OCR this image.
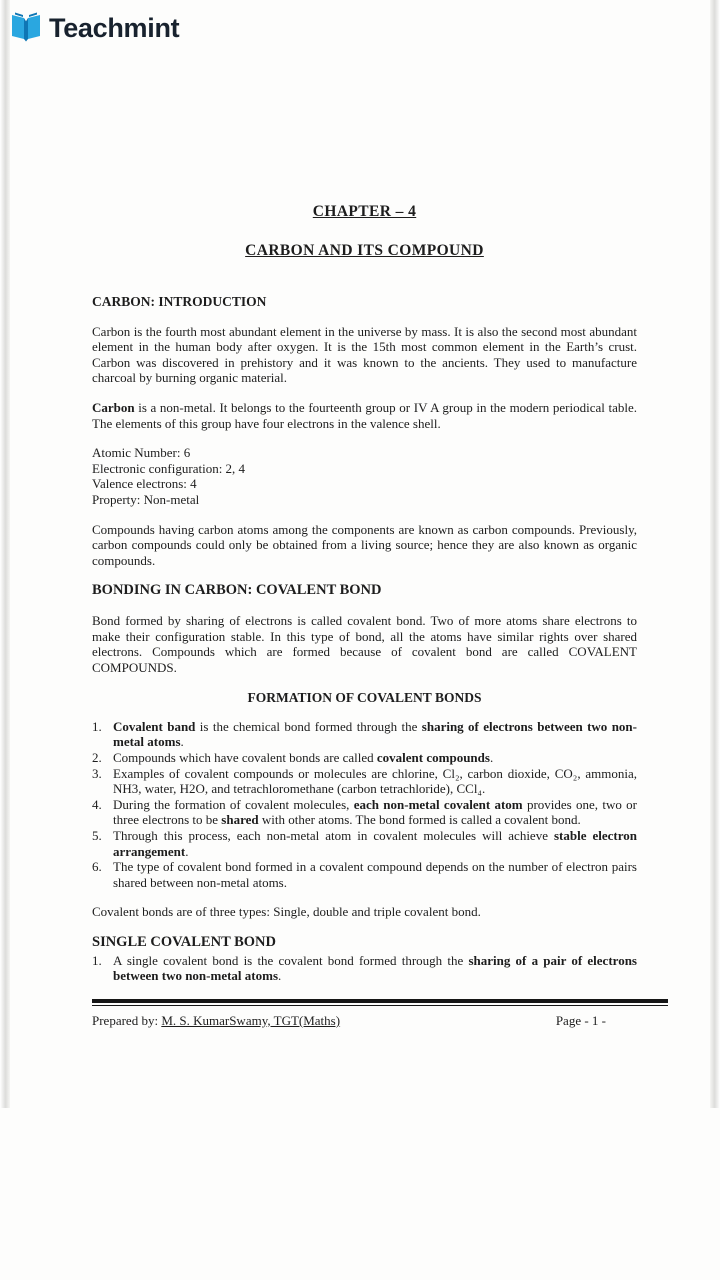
Teachmint
CHAPTER – 4
CARBON AND ITS COMPOUND
CARBON: INTRODUCTION
Carbon is the fourth most abundant element in the universe by mass. It is also the second most abundant element in the human body after oxygen. It is the 15th most common element in the Earth’s crust. Carbon was discovered in prehistory and it was known to the ancients. They used to manufacture charcoal by burning organic material.
Carbon is a non-metal. It belongs to the fourteenth group or IV A group in the modern periodical table. The elements of this group have four electrons in the valence shell.
Atomic Number: 6
Electronic configuration: 2, 4
Valence electrons: 4
Property: Non-metal
Compounds having carbon atoms among the components are known as carbon compounds. Previously, carbon compounds could only be obtained from a living source; hence they are also known as organic compounds.
BONDING IN CARBON: COVALENT BOND
Bond formed by sharing of electrons is called covalent bond. Two of more atoms share electrons to make their configuration stable. In this type of bond, all the atoms have similar rights over shared electrons. Compounds which are formed because of covalent bond are called COVALENT COMPOUNDS.
FORMATION OF COVALENT BONDS
1. Covalent band is the chemical bond formed through the sharing of electrons between two non-metal atoms.
2. Compounds which have covalent bonds are called covalent compounds.
3. Examples of covalent compounds or molecules are chlorine, Cl₂, carbon dioxide, CO₂, ammonia, NH3, water, H2O, and tetrachloromethane (carbon tetrachloride), CCl₄.
4. During the formation of covalent molecules, each non-metal covalent atom provides one, two or three electrons to be shared with other atoms. The bond formed is called a covalent bond.
5. Through this process, each non-metal atom in covalent molecules will achieve stable electron arrangement.
6. The type of covalent bond formed in a covalent compound depends on the number of electron pairs shared between non-metal atoms.
Covalent bonds are of three types: Single, double and triple covalent bond.
SINGLE COVALENT BOND
1. A single covalent bond is the covalent bond formed through the sharing of a pair of electrons between two non-metal atoms.
Prepared by: M. S. KumarSwamy, TGT(Maths)	Page - 1 -
